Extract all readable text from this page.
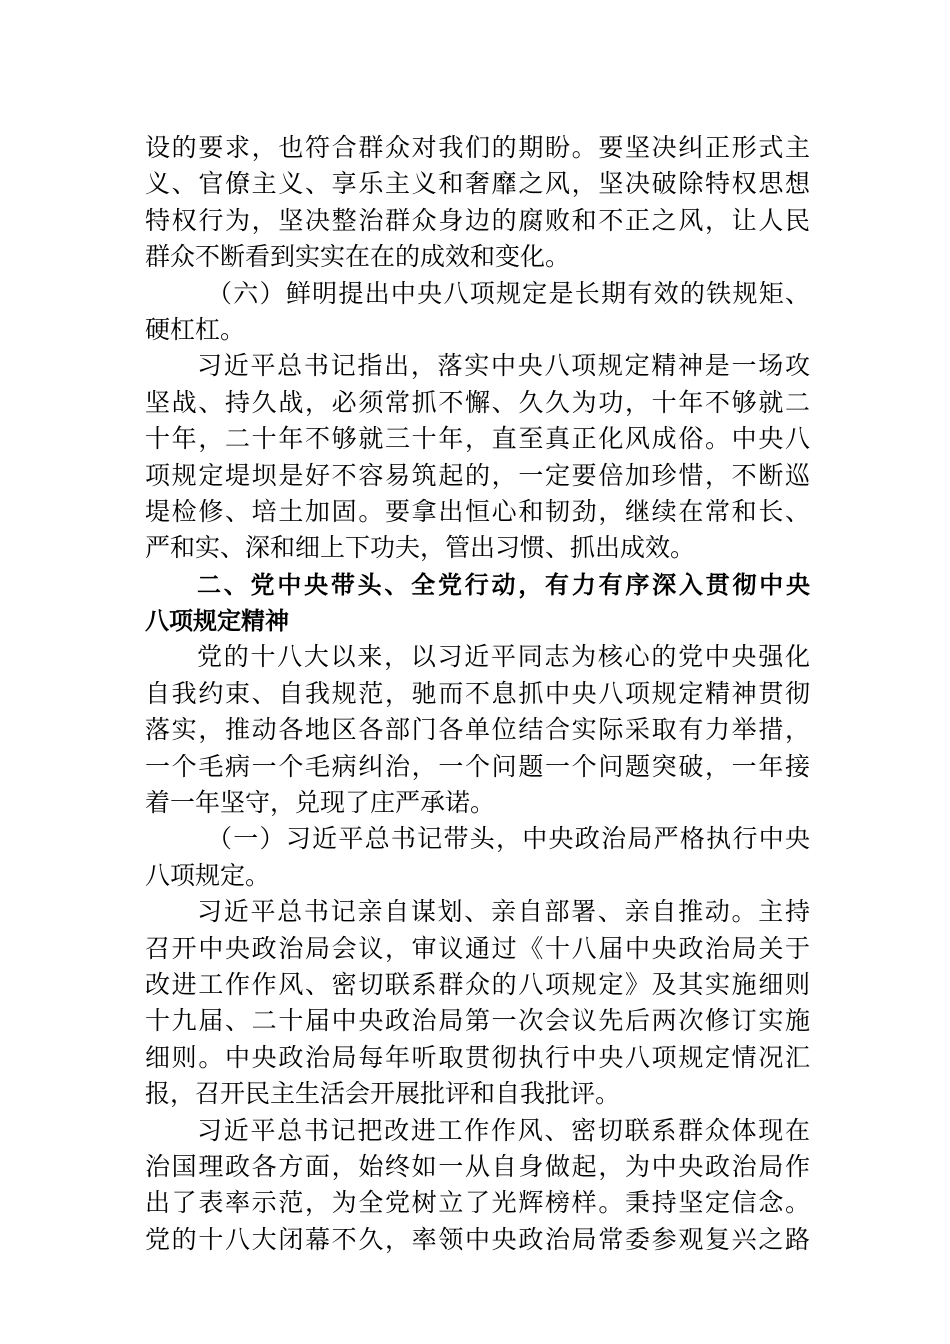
设的要求，也符合群众对我们的期盼。要坚决纠正形式主
义、官僚主义、享乐主义和奢靡之风，坚决破除特权思想
特权行为，坚决整治群众身边的腐败和不正之风，让人民
群众不断看到实实在在的成效和变化。
（六）鲜明提出中央八项规定是长期有效的铁规矩、
硬杠杠。
习近平总书记指出，落实中央八项规定精神是一场攻
坚战、持久战，必须常抓不懈、久久为功，十年不够就二
十年，二十年不够就三十年，直至真正化风成俗。中央八
项规定堤坝是好不容易筑起的，一定要倍加珍惜，不断巡
堤检修、培土加固。要拿出恒心和韧劲，继续在常和长、
严和实、深和细上下功夫，管出习惯、抓出成效。
二、党中央带头、全党行动，有力有序深入贯彻中央
八项规定精神
党的十八大以来，以习近平同志为核心的党中央强化
自我约束、自我规范，驰而不息抓中央八项规定精神贯彻
落实，推动各地区各部门各单位结合实际采取有力举措，
一个毛病一个毛病纠治，一个问题一个问题突破，一年接
着一年坚守，兑现了庄严承诺。
（一）习近平总书记带头，中央政治局严格执行中央
八项规定。
习近平总书记亲自谋划、亲自部署、亲自推动。主持
召开中央政治局会议，审议通过《十八届中央政治局关于
改进工作作风、密切联系群众的八项规定》及其实施细则
十九届、二十届中央政治局第一次会议先后两次修订实施
细则。中央政治局每年听取贯彻执行中央八项规定情况汇
报，召开民主生活会开展批评和自我批评。
习近平总书记把改进工作作风、密切联系群众体现在
治国理政各方面，始终如一从自身做起，为中央政治局作
出了表率示范，为全党树立了光辉榜样。秉持坚定信念。
党的十八大闭幕不久，率领中央政治局常委参观复兴之路
